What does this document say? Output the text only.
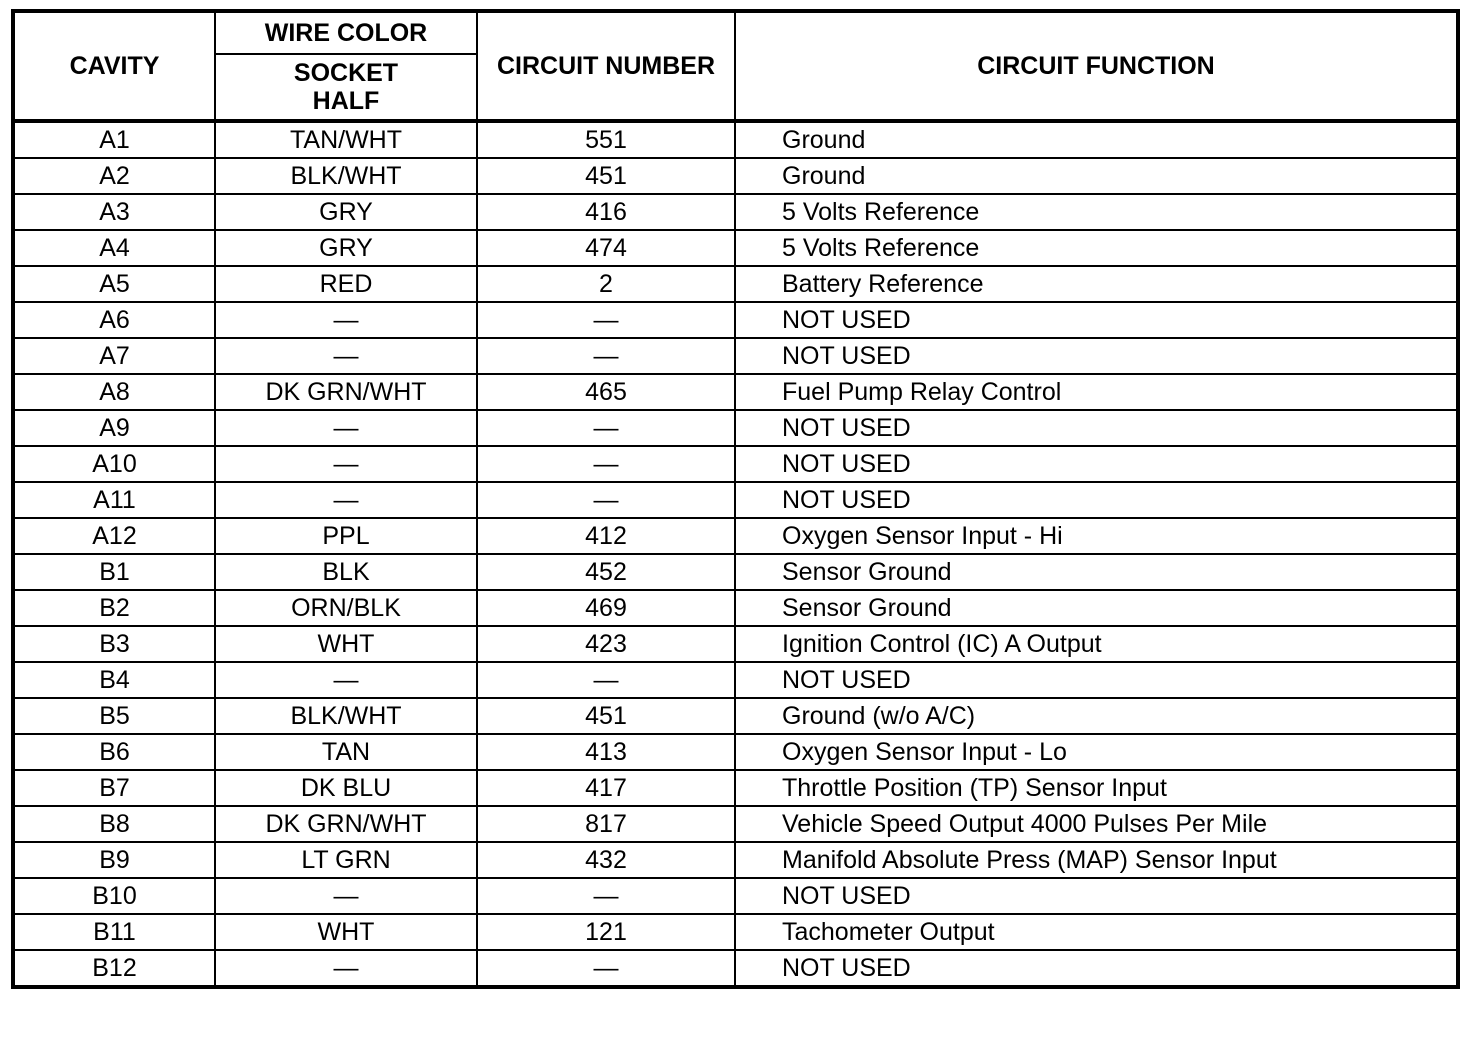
CAVITY	WIRE COLOR	CIRCUIT NUMBER	CIRCUIT FUNCTION

	SOCKET HALF		

A1	TAN/WHT	551	Ground
A2	BLK/WHT	451	Ground
A3	GRY	416	5 Volts Reference
A4	GRY	474	5 Volts Reference
A5	RED	2	Battery Reference
A6	—	—	NOT USED
A7	—	—	NOT USED
A8	DK GRN/WHT	465	Fuel Pump Relay Control
A9	—	—	NOT USED
A10	—	—	NOT USED
A11	—	—	NOT USED
A12	PPL	412	Oxygen Sensor Input - Hi
B1	BLK	452	Sensor Ground
B2	ORN/BLK	469	Sensor Ground
B3	WHT	423	Ignition Control (IC) A Output
B4	—	—	NOT USED
B5	BLK/WHT	451	Ground (w/o A/C)
B6	TAN	413	Oxygen Sensor Input - Lo
B7	DK BLU	417	Throttle Position (TP) Sensor Input
B8	DK GRN/WHT	817	Vehicle Speed Output 4000 Pulses Per Mile
B9	LT GRN	432	Manifold Absolute Press (MAP) Sensor Input
B10	—	—	NOT USED
B11	WHT	121	Tachometer Output
B12	—	—	NOT USED
